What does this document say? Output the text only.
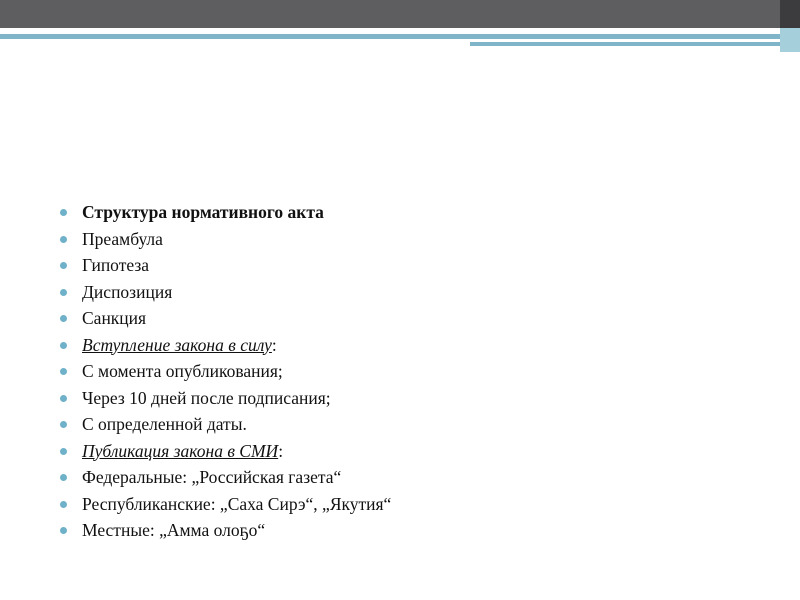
Структура нормативного акта
Преамбула
Гипотеза
Диспозиция
Санкция
Вступление закона в силу:
С момента опубликования;
Через 10 дней после подписания;
С определенной даты.
Публикация закона в СМИ:
Федеральные: „Российская газета“
Республиканские: „Саха Сирэ“, „Якутия“
Местные: „Амма олоҕо“
